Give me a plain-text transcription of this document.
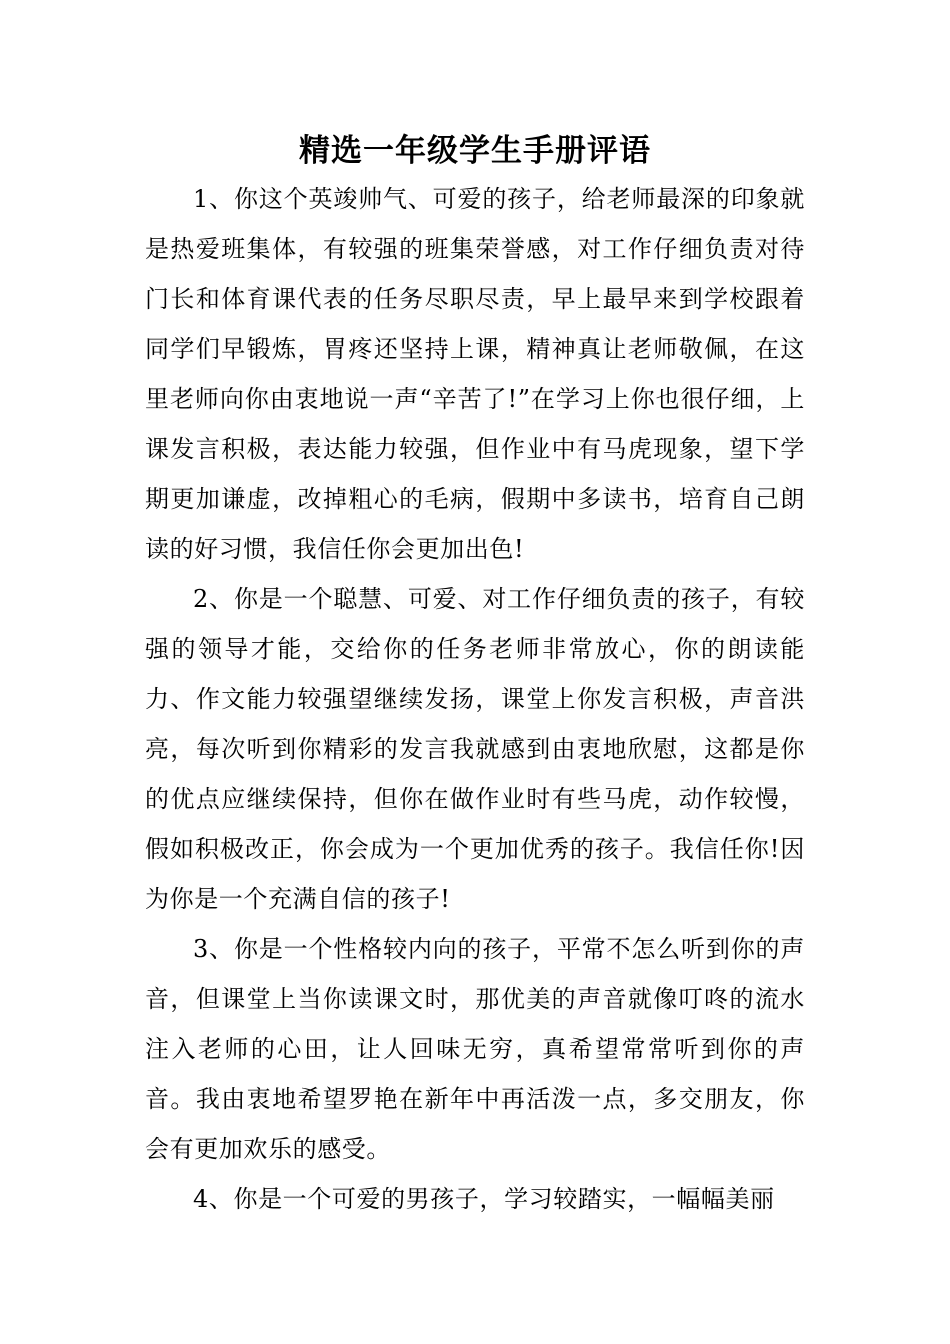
精选一年级学生手册评语

1、你这个英竣帅气、可爱的孩子，给老师最深的印象就是热爱班集体，有较强的班集荣誉感，对工作仔细负责对待门长和体育课代表的任务尽职尽责，早上最早来到学校跟着同学们早锻炼，胃疼还坚持上课，精神真让老师敬佩，在这里老师向你由衷地说一声“辛苦了!”在学习上你也很仔细，上课发言积极，表达能力较强，但作业中有马虎现象，望下学期更加谦虚，改掉粗心的毛病，假期中多读书，培育自己朗读的好习惯，我信任你会更加出色!

2、你是一个聪慧、可爱、对工作仔细负责的孩子，有较强的领导才能，交给你的任务老师非常放心，你的朗读能力、作文能力较强望继续发扬，课堂上你发言积极，声音洪亮，每次听到你精彩的发言我就感到由衷地欣慰，这都是你的优点应继续保持，但你在做作业时有些马虎，动作较慢，假如积极改正，你会成为一个更加优秀的孩子。我信任你!因为你是一个充满自信的孩子!

3、你是一个性格较内向的孩子，平常不怎么听到你的声音，但课堂上当你读课文时，那优美的声音就像叮咚的流水注入老师的心田，让人回味无穷，真希望常常听到你的声音。我由衷地希望罗艳在新年中再活泼一点，多交朋友，你会有更加欢乐的感受。

4、你是一个可爱的男孩子，学习较踏实，一幅幅美丽
